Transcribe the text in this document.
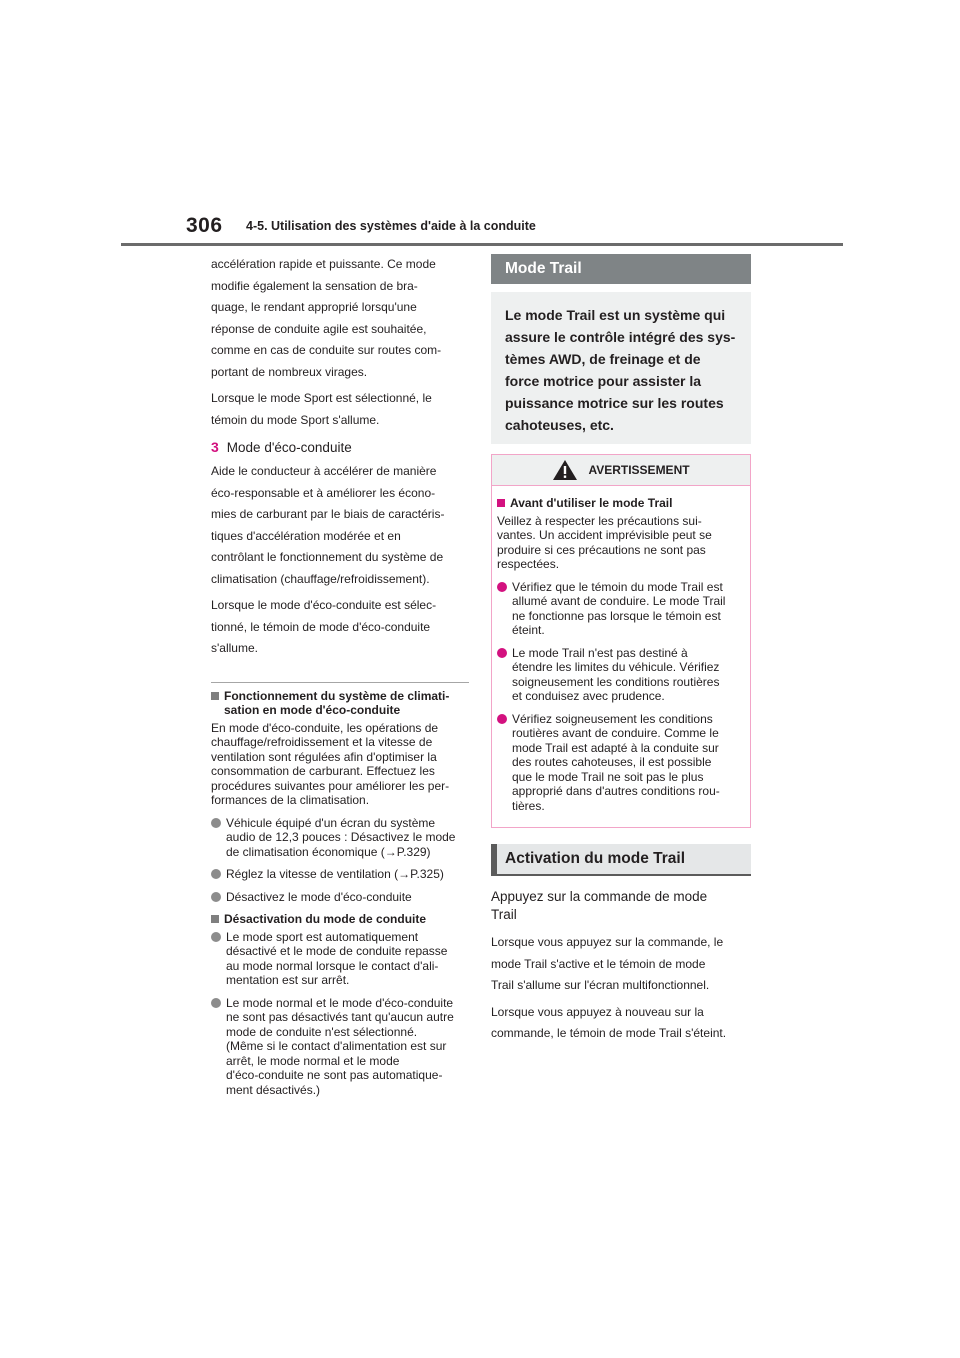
306 4-5. Utilisation des systèmes d'aide à la conduite
accélération rapide et puissante. Ce mode
modifie également la sensation de bra-
quage, le rendant approprié lorsqu'une
réponse de conduite agile est souhaitée,
comme en cas de conduite sur routes com-
portant de nombreux virages.
Lorsque le mode Sport est sélectionné, le
témoin du mode Sport s'allume.
3 Mode d'éco-conduite
Aide le conducteur à accélérer de manière
éco-responsable et à améliorer les écono-
mies de carburant par le biais de caractéris-
tiques d'accélération modérée et en
contrôlant le fonctionnement du système de
climatisation (chauffage/refroidissement).
Lorsque le mode d'éco-conduite est sélec-
tionné, le témoin de mode d'éco-conduite
s'allume.
Fonctionnement du système de climati-
sation en mode d'éco-conduite
En mode d'éco-conduite, les opérations de
chauffage/refroidissement et la vitesse de
ventilation sont régulées afin d'optimiser la
consommation de carburant. Effectuez les
procédures suivantes pour améliorer les per-
formances de la climatisation.
Véhicule équipé d'un écran du système
audio de 12,3 pouces : Désactivez le mode
de climatisation économique (→P.329)
Réglez la vitesse de ventilation (→P.325)
Désactivez le mode d'éco-conduite
Désactivation du mode de conduite
Le mode sport est automatiquement
désactivé et le mode de conduite repasse
au mode normal lorsque le contact d'ali-
mentation est sur arrêt.
Le mode normal et le mode d'éco-conduite
ne sont pas désactivés tant qu'aucun autre
mode de conduite n'est sélectionné.
(Même si le contact d'alimentation est sur
arrêt, le mode normal et le mode
d'éco-conduite ne sont pas automatique-
ment désactivés.)
Mode Trail
Le mode Trail est un système qui
assure le contrôle intégré des sys-
tèmes AWD, de freinage et de
force motrice pour assister la
puissance motrice sur les routes
cahoteuses, etc.
AVERTISSEMENT
Avant d'utiliser le mode Trail
Veillez à respecter les précautions sui-
vantes. Un accident imprévisible peut se
produire si ces précautions ne sont pas
respectées.
Vérifiez que le témoin du mode Trail est
allumé avant de conduire. Le mode Trail
ne fonctionne pas lorsque le témoin est
éteint.
Le mode Trail n'est pas destiné à
étendre les limites du véhicule. Vérifiez
soigneusement les conditions routières
et conduisez avec prudence.
Vérifiez soigneusement les conditions
routières avant de conduire. Comme le
mode Trail est adapté à la conduite sur
des routes cahoteuses, il est possible
que le mode Trail ne soit pas le plus
approprié dans d'autres conditions rou-
tières.
Activation du mode Trail
Appuyez sur la commande de mode
Trail
Lorsque vous appuyez sur la commande, le
mode Trail s'active et le témoin de mode
Trail s'allume sur l'écran multifonctionnel.
Lorsque vous appuyez à nouveau sur la
commande, le témoin de mode Trail s'éteint.
